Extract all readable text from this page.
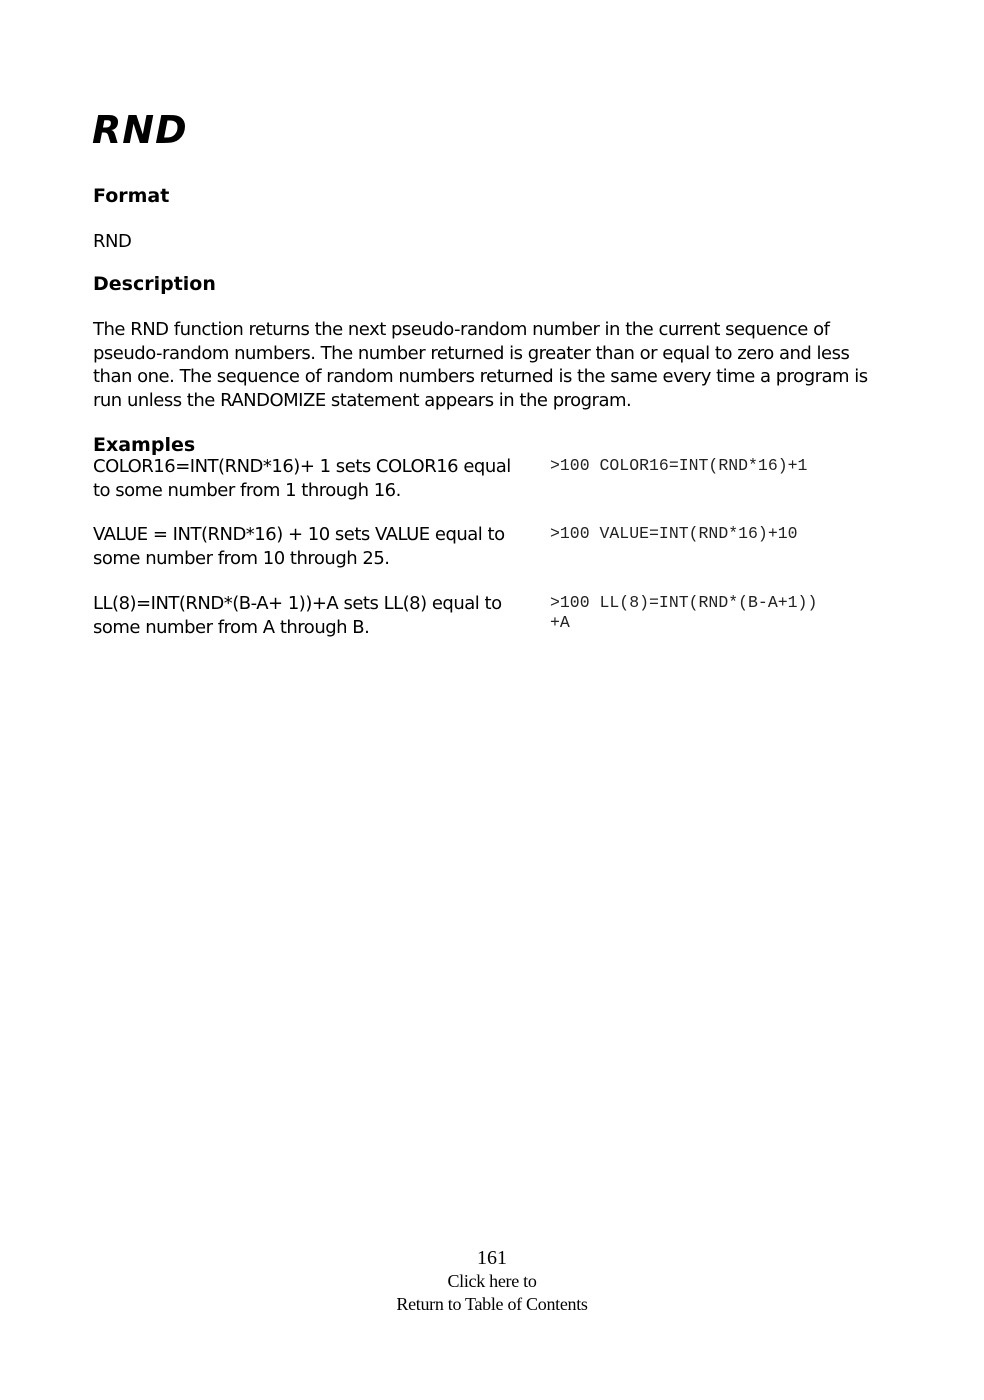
RND
Format

RND

Description

The RND function returns the next pseudo-random number in the current sequence of pseudo-random numbers. The number returned is greater than or equal to zero and less than one. The sequence of random numbers returned is the same every time a program is run unless the RANDOMIZE statement appears in the program.

Examples

COLOR16=INT(RND*16)+ 1 sets COLOR16 equal to some number from 1 through 16.

>100 COLOR16=INT(RND*16)+1

VALUE = INT(RND*16) + 10 sets VALUE equal to some number from 10 through 25.

>100 VALUE=INT(RND*16)+10

LL(8)=INT(RND*(B-A+ 1))+A sets LL(8) equal to some number from A through B.

>100 LL(8)=INT(RND*(B-A+1))+A

161
Click here to
Return to Table of Contents
